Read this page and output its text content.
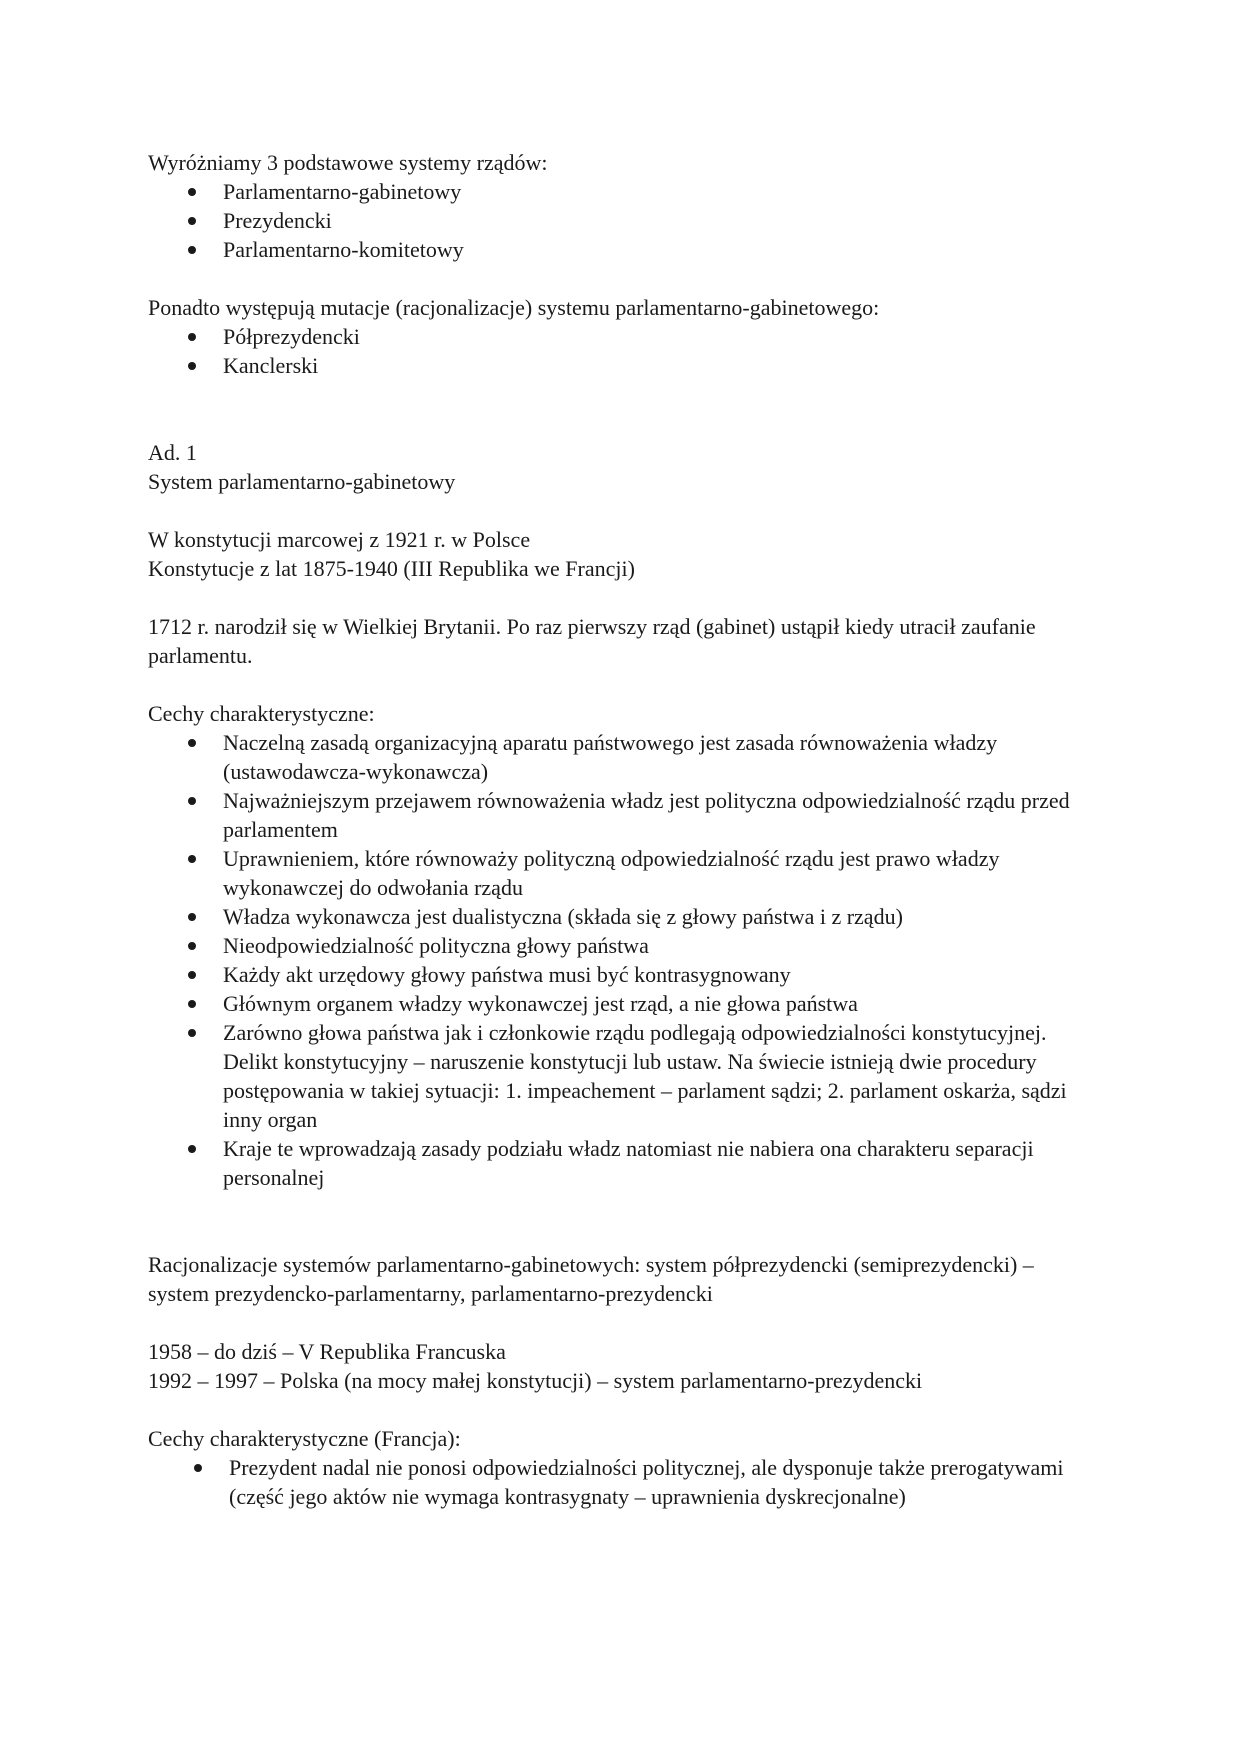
Wyróżniamy 3 podstawowe systemy rządów:

Parlamentarno-gabinetowy
Prezydencki
Parlamentarno-komitetowy

Ponadto występują mutacje (racjonalizacje) systemu parlamentarno-gabinetowego:

Półprezydencki
Kanclerski

Ad. 1

System parlamentarno-gabinetowy

W konstytucji marcowej z 1921 r. w Polsce

Konstytucje z lat 1875-1940 (III Republika we Francji)

1712 r. narodził się w Wielkiej Brytanii. Po raz pierwszy rząd (gabinet) ustąpił kiedy utracił zaufanie parlamentu.

Cechy charakterystyczne:

Naczelną zasadą organizacyjną aparatu państwowego jest zasada równoważenia władzy (ustawodawcza-wykonawcza)
Najważniejszym przejawem równoważenia władz jest polityczna odpowiedzialność rządu przed parlamentem
Uprawnieniem, które równoważy polityczną odpowiedzialność rządu jest prawo władzy wykonawczej do odwołania rządu
Władza wykonawcza jest dualistyczna (składa się z głowy państwa i z rządu)
Nieodpowiedzialność polityczna głowy państwa
Każdy akt urzędowy głowy państwa musi być kontrasygnowany
Głównym organem władzy wykonawczej jest rząd, a nie głowa państwa
Zarówno głowa państwa jak i członkowie rządu podlegają odpowiedzialności konstytucyjnej. Delikt konstytucyjny – naruszenie konstytucji lub ustaw. Na świecie istnieją dwie procedury postępowania w takiej sytuacji: 1. impeachement – parlament sądzi; 2. parlament oskarża, sądzi inny organ
Kraje te wprowadzają zasady podziału władz natomiast nie nabiera ona charakteru separacji personalnej

Racjonalizacje systemów parlamentarno-gabinetowych: system półprezydencki (semiprezydencki) – system prezydencko-parlamentarny, parlamentarno-prezydencki

1958 – do dziś – V Republika Francuska

1992 – 1997 – Polska (na mocy małej konstytucji) – system parlamentarno-prezydencki

Cechy charakterystyczne (Francja):

Prezydent nadal nie ponosi odpowiedzialności politycznej, ale dysponuje także prerogatywami (część jego aktów nie wymaga kontrasygnaty – uprawnienia dyskrecjonalne)
